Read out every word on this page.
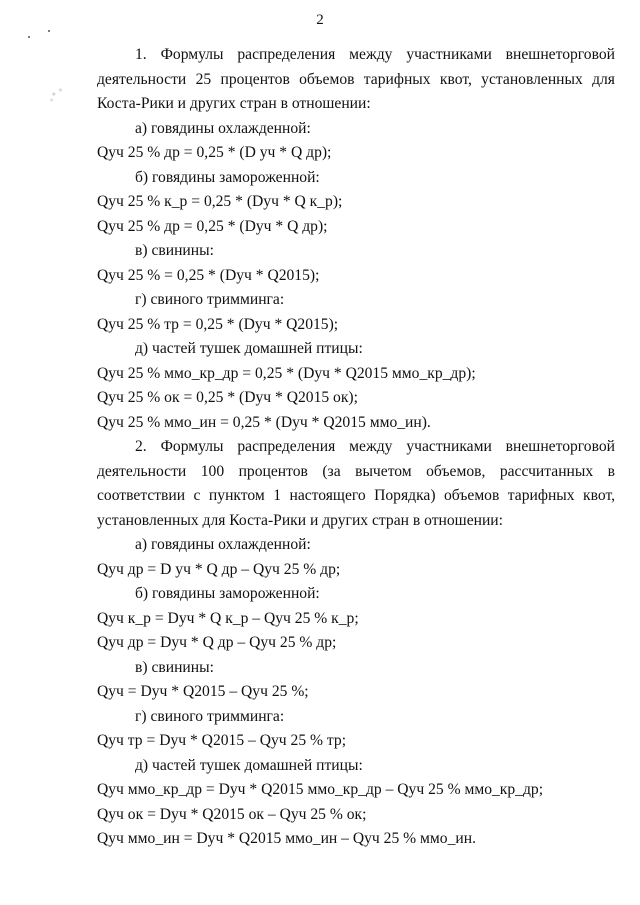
2

1. Формулы распределения между участниками внешнеторговой деятельности 25 процентов объемов тарифных квот, установленных для Коста-Рики и других стран в отношении:

а) говядины охлажденной:

Qуч 25 % др = 0,25 * (D уч * Q др);

б) говядины замороженной:

Qуч 25 % к_р = 0,25 * (Dуч * Q к_р);

Qуч 25 % др = 0,25 * (Dуч * Q др);

в) свинины:

Qуч 25 % = 0,25 * (Dуч * Q2015);

г) свиного тримминга:

Qуч 25 % тр = 0,25 * (Dуч * Q2015);

д) частей тушек домашней птицы:

Qуч 25 % ммо_кр_др = 0,25 * (Dуч * Q2015 ммо_кр_др);

Qуч 25 % ок = 0,25 * (Dуч * Q2015 ок);

Qуч 25 % ммо_ин = 0,25 * (Dуч * Q2015 ммо_ин).

2. Формулы распределения между участниками внешнеторговой деятельности 100 процентов (за вычетом объемов, рассчитанных в соответствии с пунктом 1 настоящего Порядка) объемов тарифных квот, установленных для Коста-Рики и других стран в отношении:

а) говядины охлажденной:

Qуч др = D уч * Q др – Qуч 25 % др;

б) говядины замороженной:

Qуч к_р = Dуч * Q к_р – Qуч 25 % к_р;

Qуч др = Dуч * Q др – Qуч 25 % др;

в) свинины:

Qуч = Dуч * Q2015 – Qуч 25 %;

г) свиного тримминга:

Qуч тр = Dуч * Q2015 – Qуч 25 % тр;

д) частей тушек домашней птицы:

Qуч ммо_кр_др = Dуч * Q2015 ммо_кр_др – Qуч 25 % ммо_кр_др;

Qуч ок = Dуч * Q2015 ок – Qуч 25 % ок;

Qуч ммо_ин = Dуч * Q2015 ммо_ин – Qуч 25 % ммо_ин.
